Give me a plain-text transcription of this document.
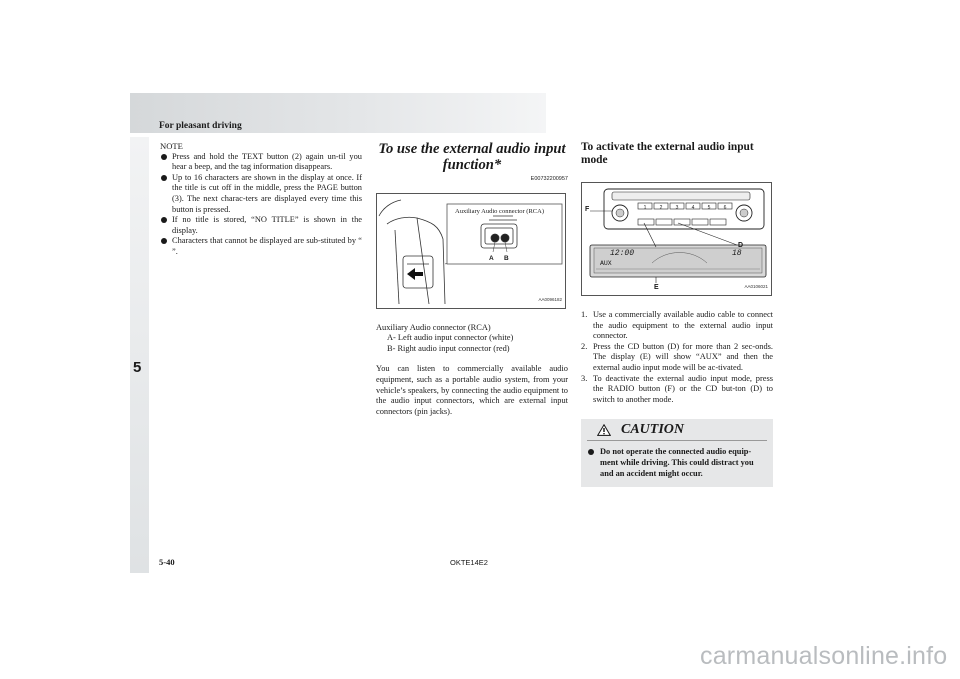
For pleasant driving
5
NOTE
Press and hold the TEXT button (2) again un-til you hear a beep, and the tag information disappears.
Up to 16 characters are shown in the display at once. If the title is cut off in the middle, press the PAGE button (3). The next charac-ters are displayed every time this button is pressed.
If no title is stored, “NO TITLE” is shown in the display.
Characters that cannot be displayed are sub-stituted by “ ”.
To use the external audio input function*
E00732200957
Auxiliary Audio connector (RCA)
A B
AA0096182
Auxiliary Audio connector (RCA)
A- Left audio input connector (white)
B- Right audio input connector (red)
You can listen to commercially available audio equipment, such as a portable audio system, from your vehicle’s speakers, by connecting the audio equipment to the audio input connectors, which are external input connectors (pin jacks).
To activate the external audio input mode
F
D
E
12:00	18
AUX
1	2	3	4	5	6
AA0106021
1. Use a commercially available audio cable to connect the audio equipment to the external audio input connector.
2. Press the CD button (D) for more than 2 sec-onds. The display (E) will show “AUX” and then the external audio input mode will be ac-tivated.
3. To deactivate the external audio input mode, press the RADIO button (F) or the CD but-ton (D) to switch to another mode.
CAUTION
Do not operate the connected audio equip-ment while driving. This could distract you and an accident might occur.
5-40	OKTE14E2
carmanualsonline.info
